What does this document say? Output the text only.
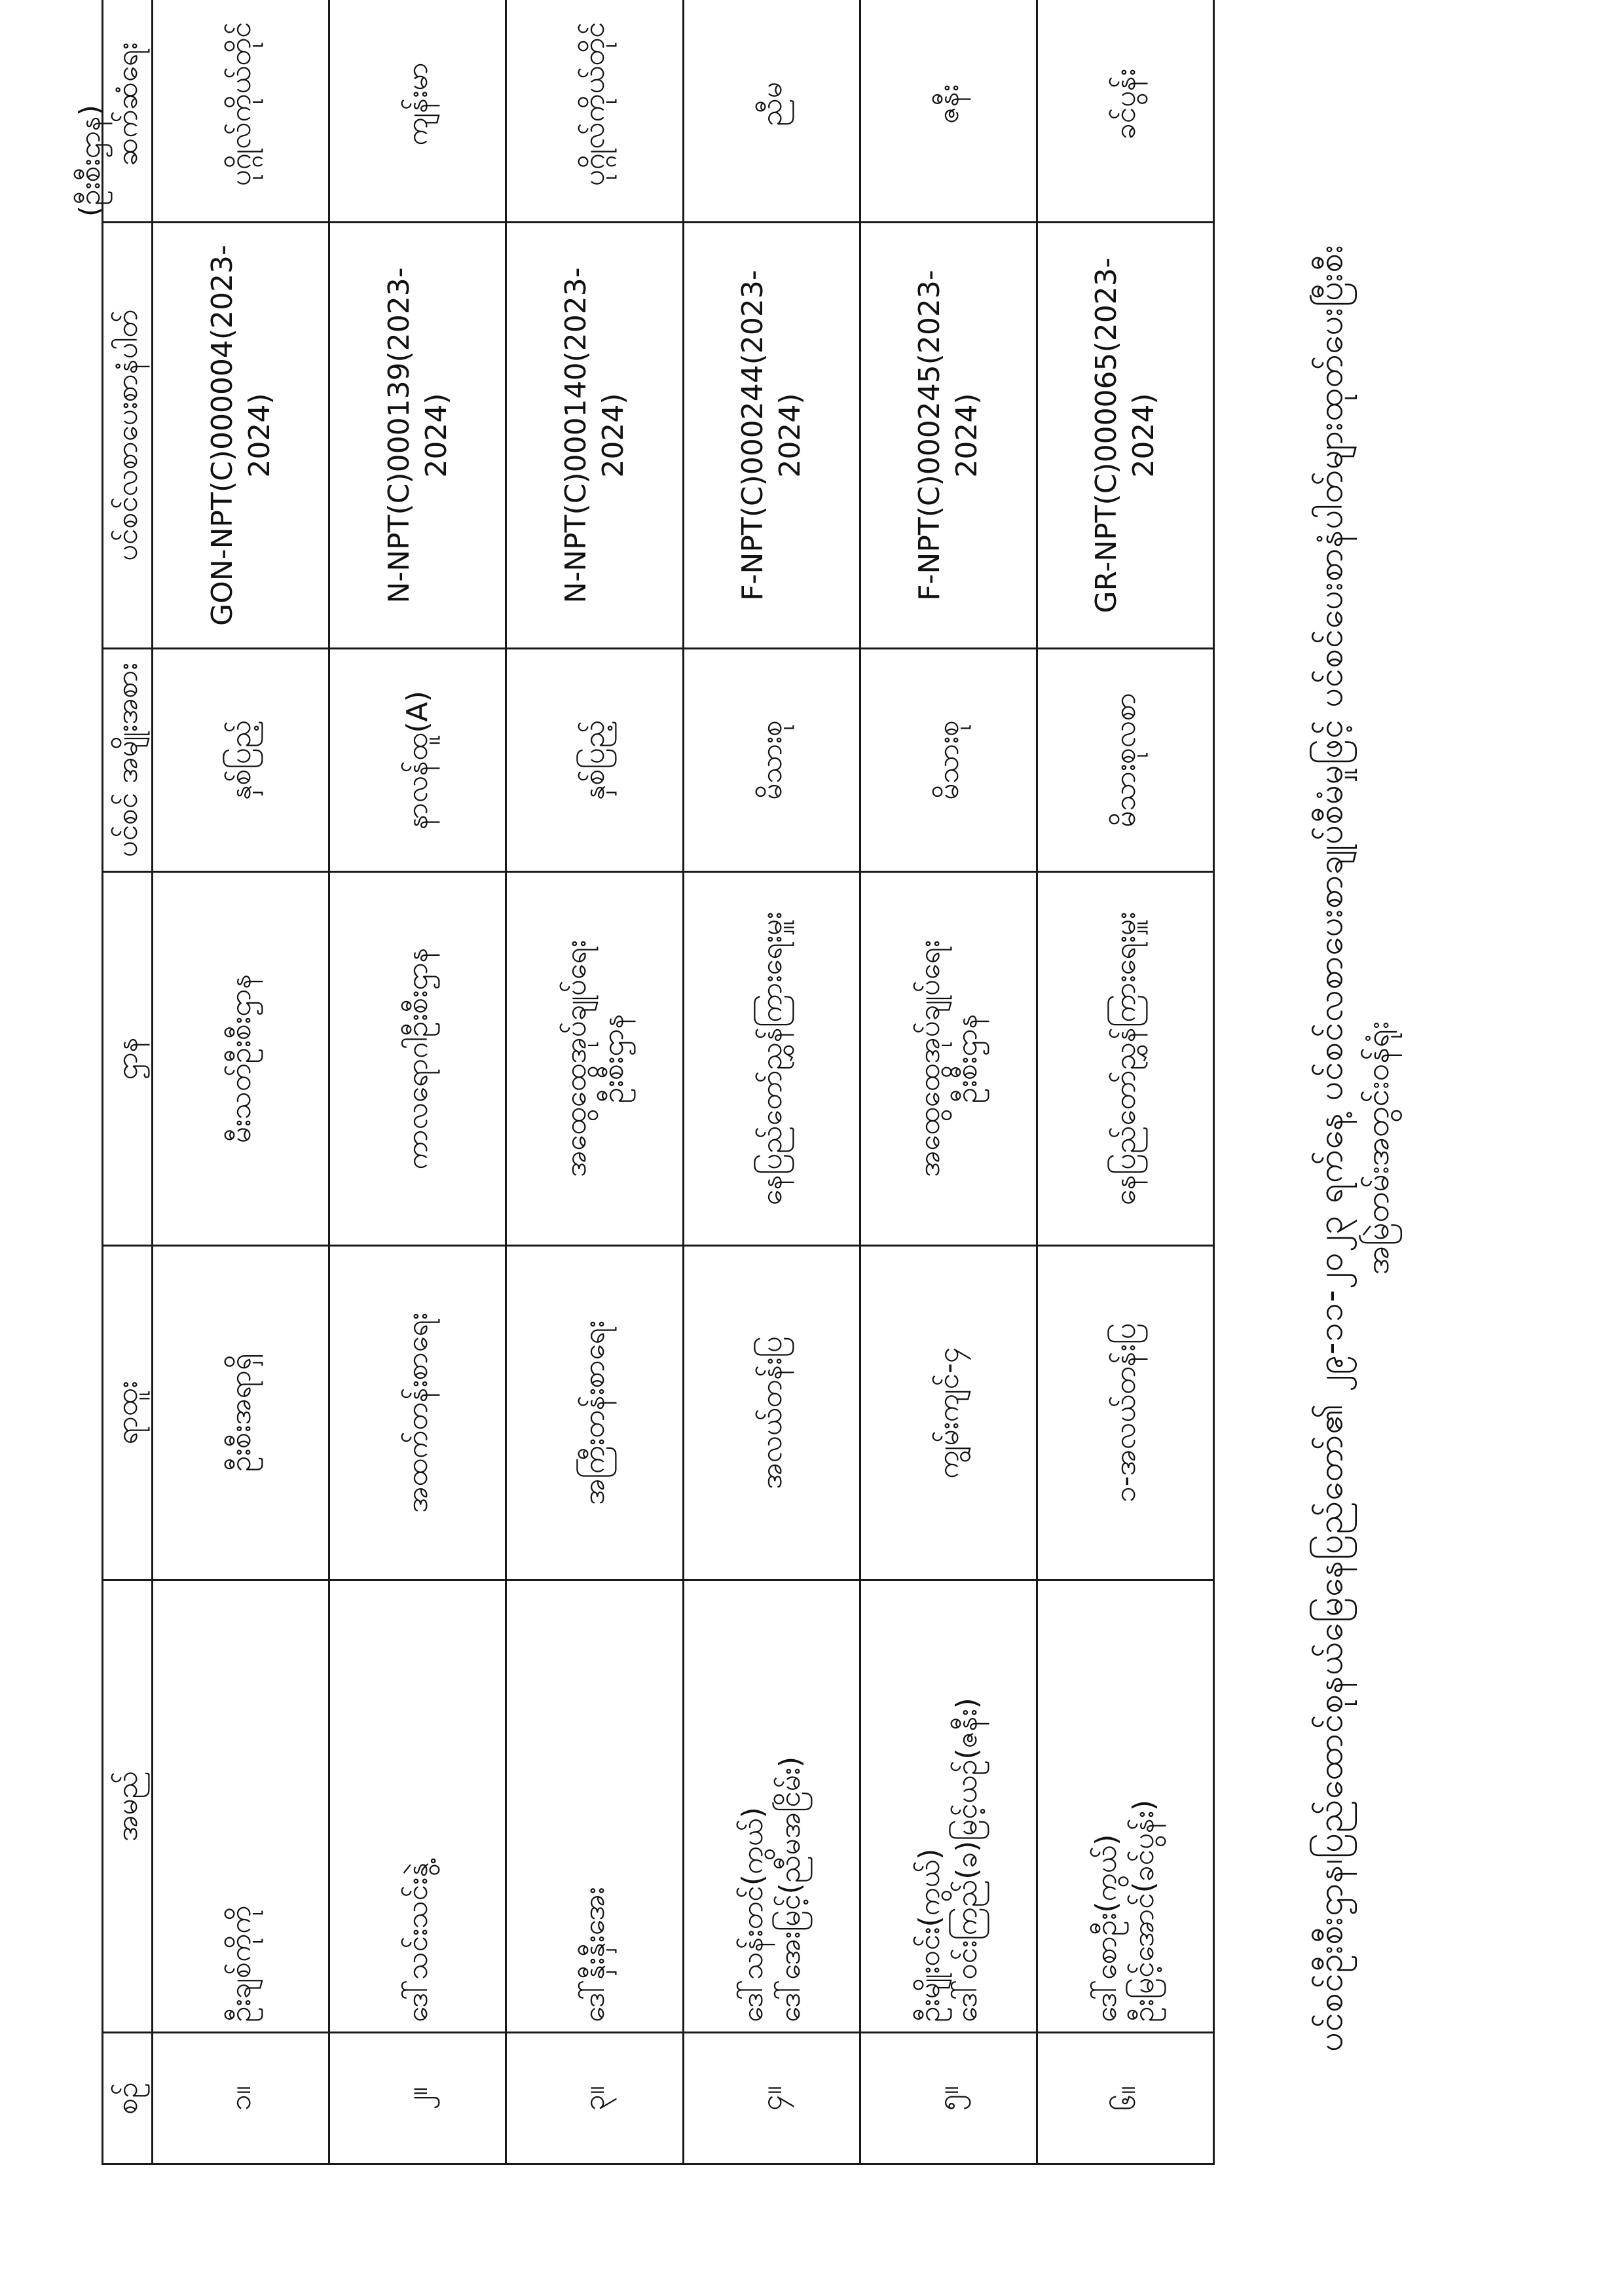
(ဦးစီးဌာန)
စဉ်	အမည်	ရာထူး	ဌာန	ပင်စင် အမျိုးအစား	ပင်စင်လစာပေးစာနံပါတ်	ဆက်ဆံရေး
၁။	ဦးချစ်ကိုကို	ဦးစီးအရာရှိ	မီးသတ်ဦးစီးဌာန	နှစ်ပြည့်	GON-NPT(C)000004(2023-2024)	ပုဂ္ဂိုလ်ကိုယ်တိုင်
၂။	ဒေါ်သင်းသင်းနွဲ့	အထက်တန်းစာရေး	ကာလရောဂါဦးစီးဌာန	နာလန်ထူ(A)	N-NPT(C)000139(2023-2024)	ကျန်းမာ
၃။	ဒေါ်နှီးနှီးအေး	အကြီးတန်းစာရေး	အထွေထွေအုပ်ချုပ်ရေး ဦးစီးဌာန	နှစ်ပြည့်	N-NPT(C)000140(2023-2024)	ပုဂ္ဂိုလ်ကိုယ်တိုင်
၄။	ဒေါ်သန်းတင်(ကွယ်) ဒေါ်အေးမြင့်(ညီမအငြိမ်း)	အလယ်တန်းပြ	နေပြည်တော်ညွှန်ကြားရေးမှူး	မိသားစု	F-NPT(C)000244(2023-2024)	ညီမ
၅။	ဦးမျိုးဝင်း(ကွယ်) ဒေါ်ဝင်းကြည်(ခ)မြင့်ယဉ်(ဇနီး)	ကျွမ်းကျင်-၄	အထွေထွေအုပ်ချုပ်ရေး ဦးစီးဌာန	မိသားစု	F-NPT(C)000245(2023-2024)	ဇနီး
၆။	ဒေါ်စောဦး(ကွယ်) ဦးမြင့်အောင်(ခင်ပွန်း)	၁-အလယ်တန်းပြ	နေပြည်တော်ညွှန်ကြားရေးမှူး	မိသားစုလစာ	GR-NPT(C)000065(2023-2024)	ခင်ပွန်း
ပင်စင်ဦးစီးဌာန၊ပြည်ထောင်စုနယ်မြေနေပြည်တော်၏ ၂၉-၁၁-၂၀၂၃ ရက်နေ့ ပင်စင်လစာပေးစာချုပ်စီမံမှုဖြင့် ပင်စင်ပေးစာနံပါတ်များထုတ်ပေးပြီးစီး အမြဲတမ်းအတွင်းဝန်ရုံး
